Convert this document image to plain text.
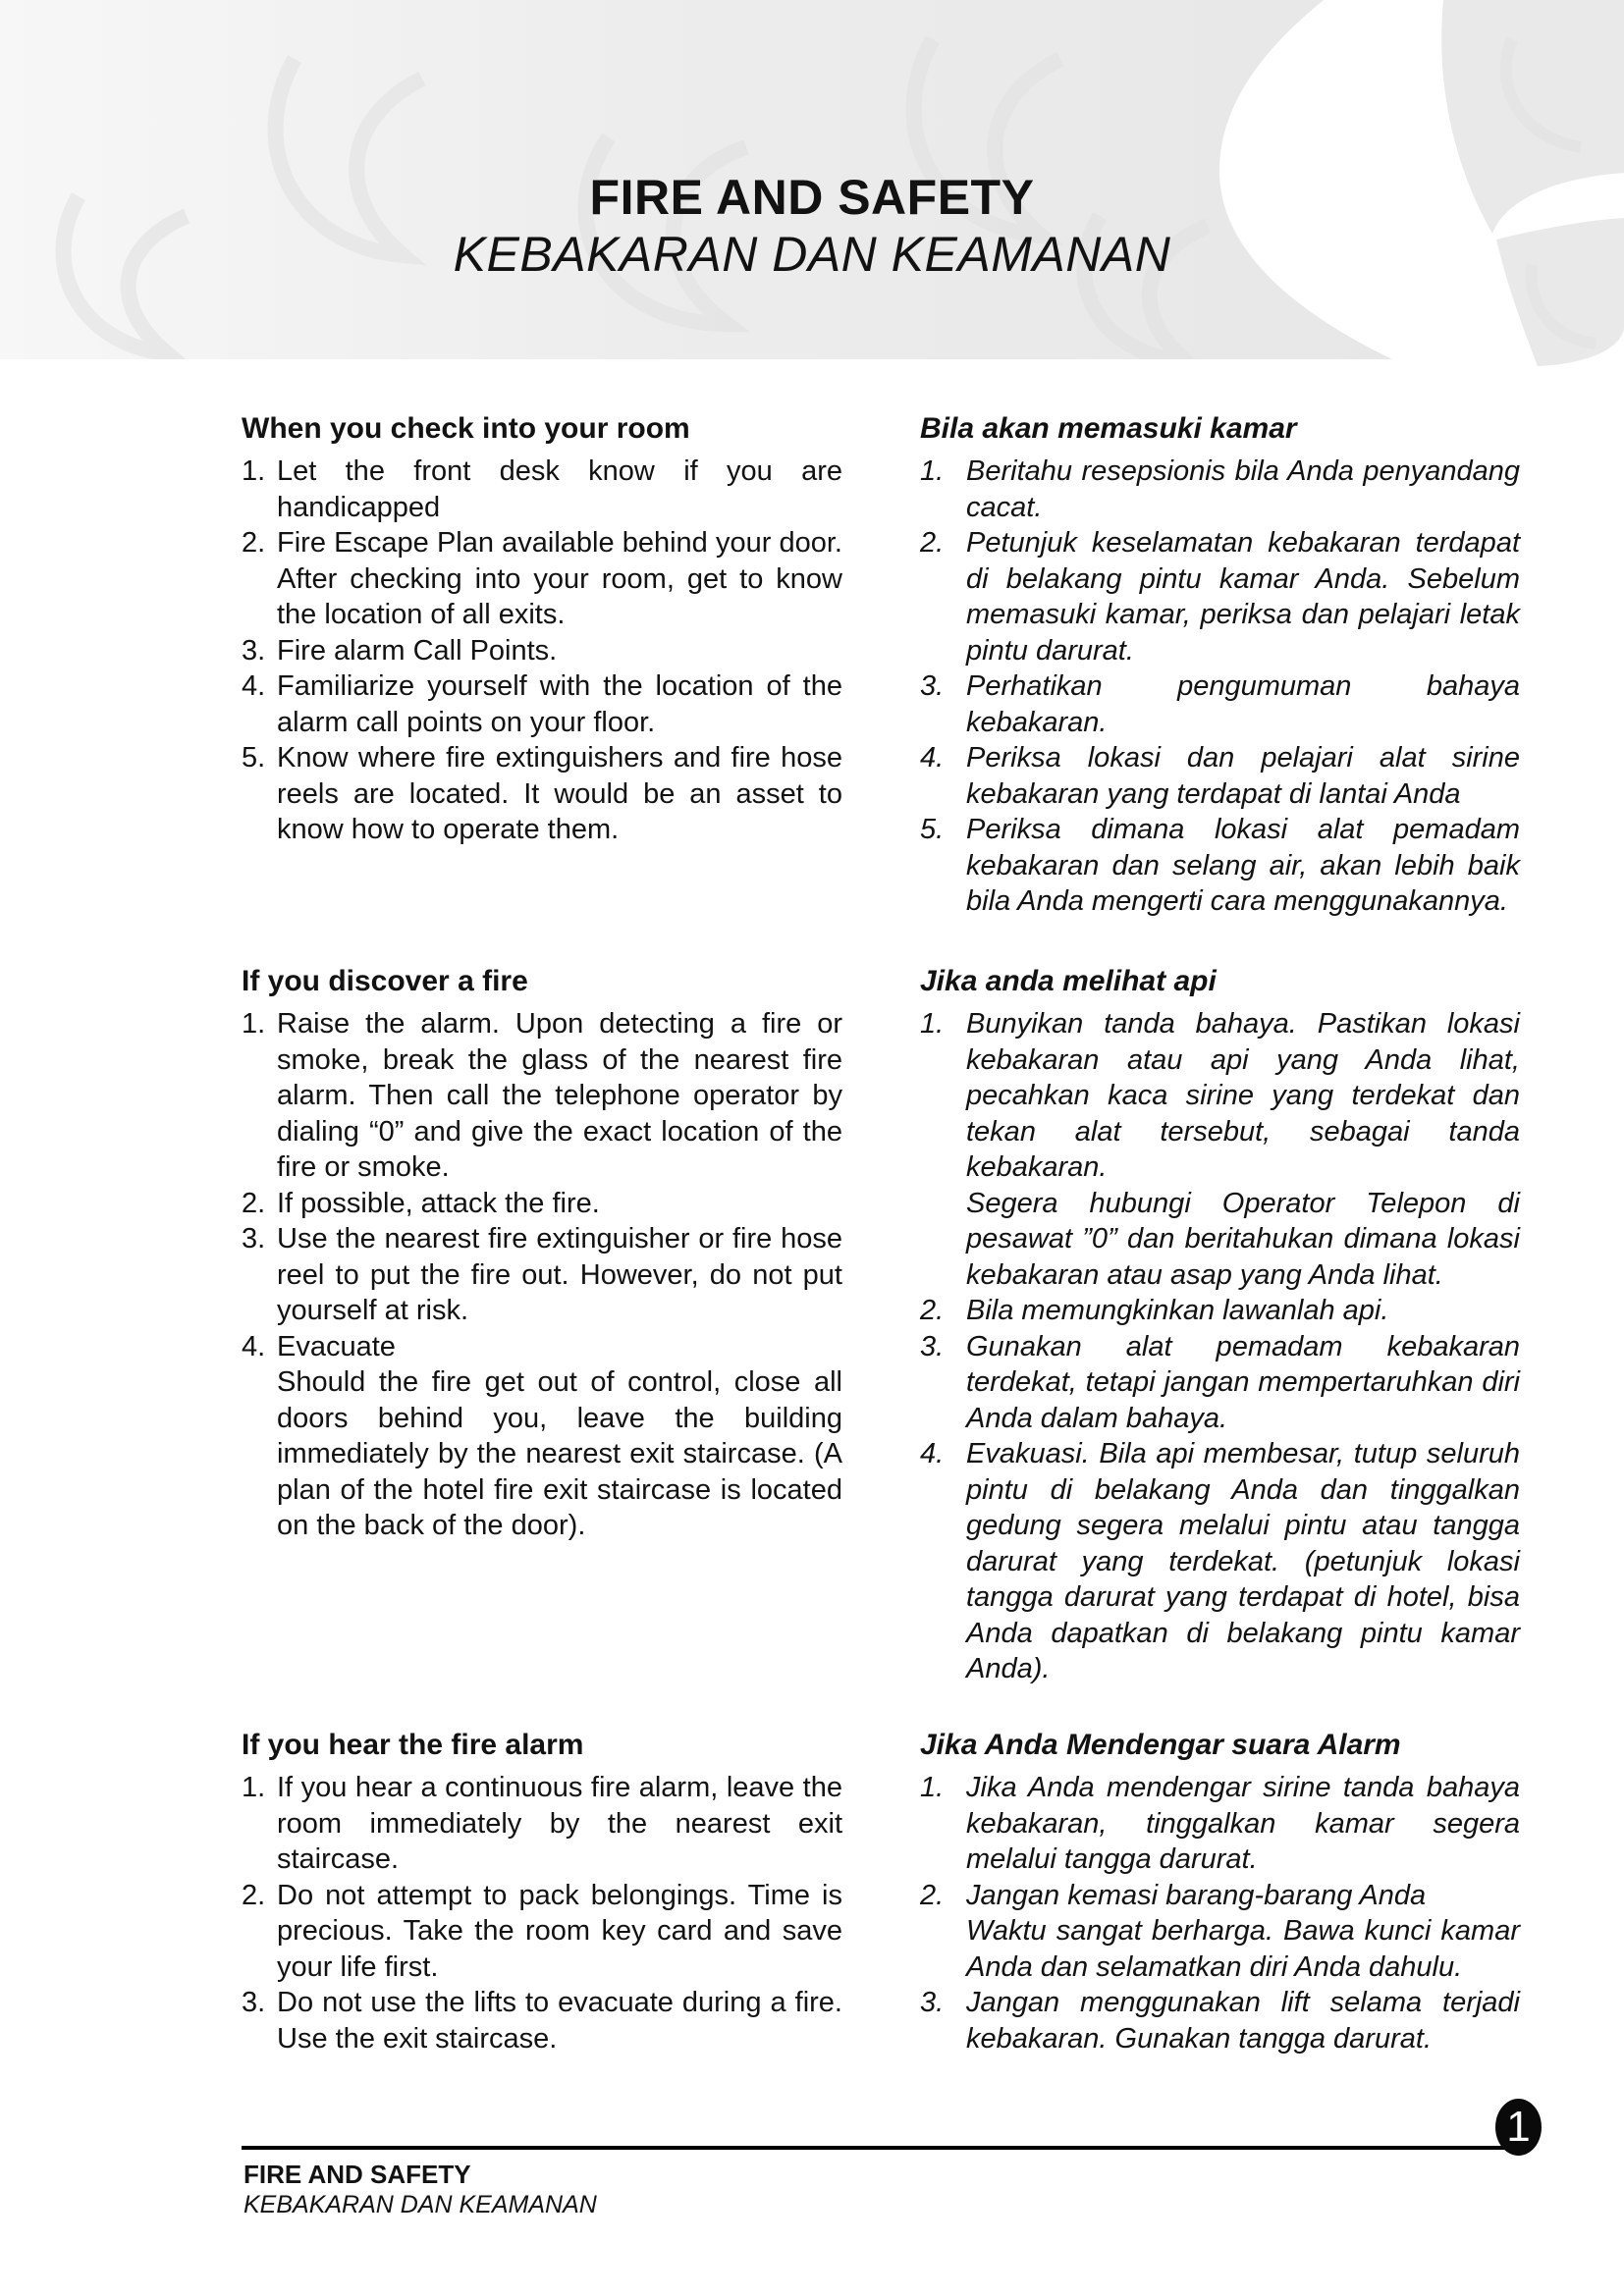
FIRE AND SAFETY
KEBAKARAN DAN KEAMANAN
When you check into your room
1. Let the front desk know if you are handicapped

2. Fire Escape Plan available behind your door. After checking into your room, get to know the location of all exits.

3. Fire alarm Call Points.

4. Familiarize yourself with the location of the alarm call points on your floor.

5. Know where fire extinguishers and fire hose reels are located. It would be an asset to know how to operate them.

Bila akan memasuki kamar
1. Beritahu resepsionis bila Anda penyandang cacat.

2. Petunjuk keselamatan kebakaran terdapat di belakang pintu kamar Anda. Sebelum memasuki kamar, periksa dan pelajari letak pintu darurat.

3. Perhatikan pengumuman bahaya kebakaran.

4. Periksa lokasi dan pelajari alat sirine kebakaran yang terdapat di lantai Anda

5. Periksa dimana lokasi alat pemadam kebakaran dan selang air, akan lebih baik bila Anda mengerti cara menggunakannya.

If you discover a fire
1. Raise the alarm. Upon detecting a fire or smoke, break the glass of the nearest fire alarm. Then call the telephone operator by dialing “0” and give the exact location of the fire or smoke.

2. If possible, attack the fire.

3. Use the nearest fire extinguisher or fire hose reel to put the fire out. However, do not put yourself at risk.

4. Evacuate

Should the fire get out of control, close all doors behind you, leave the building immediately by the nearest exit staircase. (A plan of the hotel fire exit staircase is located on the back of the door).

Jika anda melihat api
1. Bunyikan tanda bahaya. Pastikan lokasi kebakaran atau api yang Anda lihat, pecahkan kaca sirine yang terdekat dan tekan alat tersebut, sebagai tanda kebakaran.

Segera hubungi Operator Telepon di pesawat ”0” dan beritahukan dimana lokasi kebakaran atau asap yang Anda lihat.

2. Bila memungkinkan lawanlah api.

3. Gunakan alat pemadam kebakaran terdekat, tetapi jangan mempertaruhkan diri Anda dalam bahaya.

4. Evakuasi. Bila api membesar, tutup seluruh pintu di belakang Anda dan tinggalkan gedung segera melalui pintu atau tangga darurat yang terdekat. (petunjuk lokasi tangga darurat yang terdapat di hotel, bisa Anda dapatkan di belakang pintu kamar Anda).

If you hear the fire alarm
1. If you hear a continuous fire alarm, leave the room immediately by the nearest exit staircase.

2. Do not attempt to pack belongings. Time is precious. Take the room key card and save your life first.

3. Do not use the lifts to evacuate during a fire. Use the exit staircase.

Jika Anda Mendengar suara Alarm
1. Jika Anda mendengar sirine tanda bahaya kebakaran, tinggalkan kamar segera melalui tangga darurat.

2. Jangan kemasi barang-barang Anda

Waktu sangat berharga. Bawa kunci kamar Anda dan selamatkan diri Anda dahulu.

3. Jangan menggunakan lift selama terjadi kebakaran. Gunakan tangga darurat.

1
FIRE AND SAFETY
KEBAKARAN DAN KEAMANAN
